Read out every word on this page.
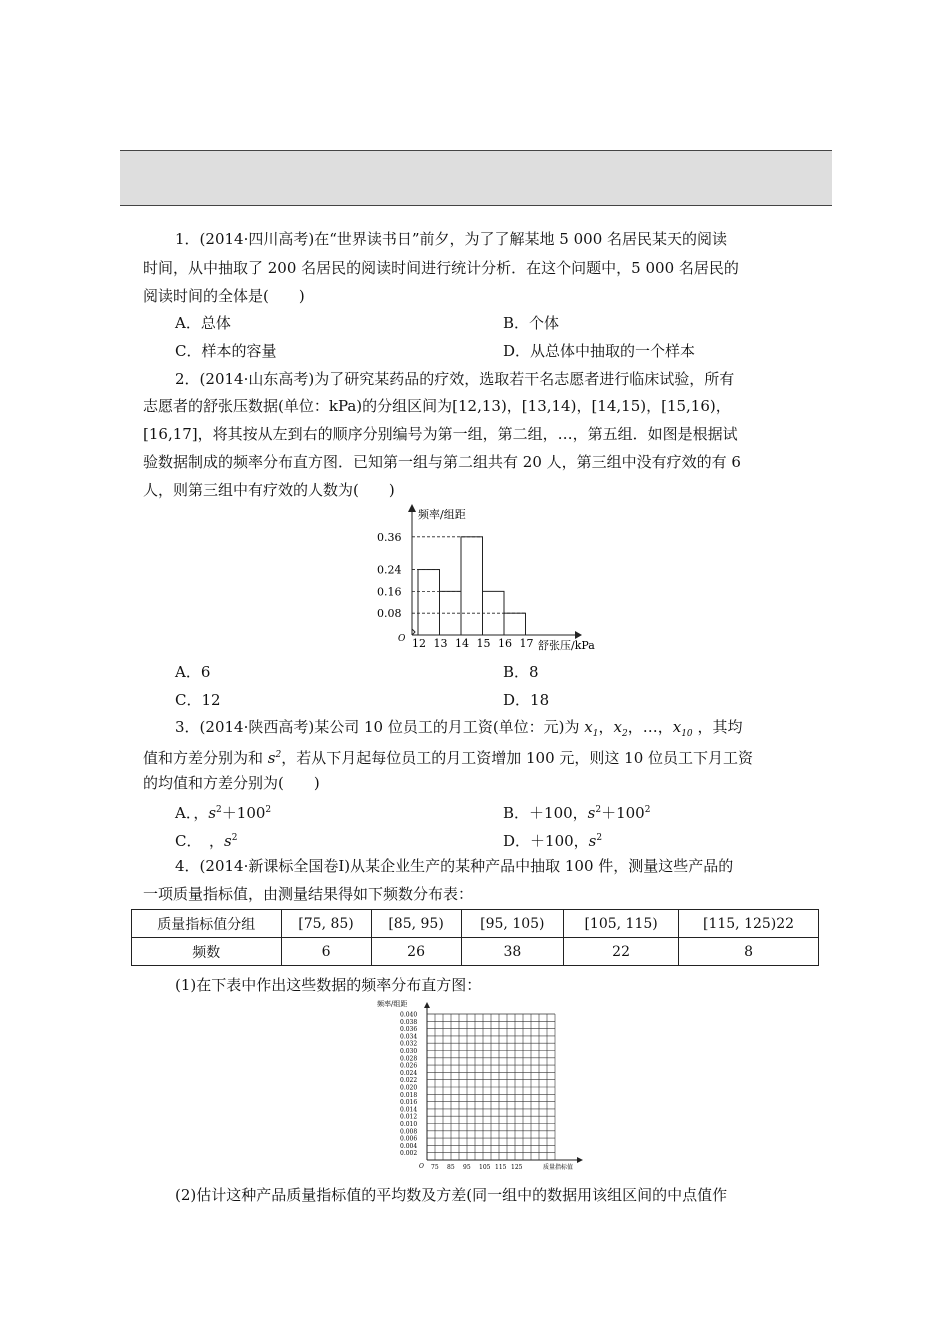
1．(2014·四川高考)在“世界读书日”前夕，为了了解某地 5 000 名居民某天的阅读
时间，从中抽取了 200 名居民的阅读时间进行统计分析．在这个问题中，5 000 名居民的
阅读时间的全体是(　　)
A．总体	B．个体
C．样本的容量	D．从总体中抽取的一个样本
2．(2014·山东高考)为了研究某药品的疗效，选取若干名志愿者进行临床试验，所有
志愿者的舒张压数据(单位：kPa)的分组区间为[12,13)，[13,14)，[14,15)，[15,16)，
[16,17]，将其按从左到右的顺序分别编号为第一组，第二组，…，第五组．如图是根据试
验数据制成的频率分布直方图．已知第一组与第二组共有 20 人，第三组中没有疗效的有 6
人，则第三组中有疗效的人数为(　　)
频率/组距
O
0.08
0.16
0.24
0.36
12 13 14 15 16 17 舒张压/kPa
A．6	B．8
C．12	D．18
3．(2014·陕西高考)某公司 10 位员工的月工资(单位：元)为 $x_1$，$x_2$，…，$x_{10}$ ，其均
值和方差分别为和 $s^2$，若从下月起每位员工的月工资增加 100 元，则这 10 位员工下月工资
的均值和方差分别为(　　)
A．，$s^2+100^2$	B．＋100，$s^2+100^2$
C．　，$s^2$	D．＋100，$s^2$
4．(2014·新课标全国卷Ⅰ)从某企业生产的某种产品中抽取 100 件，测量这些产品的
一项质量指标值，由测量结果得如下频数分布表：
质量指标值分组	[75, 85)	[85, 95)	[95, 105)	[105, 115)	[115, 125)22
频数	6	26	38	22	8
(1)在下表中作出这些数据的频率分布直方图：
频率/组距
0.002
0.004
0.006
0.008
0.010
0.012
0.014
0.016
0.018
0.020
0.022
0.024
0.026
0.028
0.030
0.032
0.034
0.036
0.038
0.040
O 75 85 95 105 115 125	质量指标值
(2)估计这种产品质量指标值的平均数及方差(同一组中的数据用该组区间的中点值作
